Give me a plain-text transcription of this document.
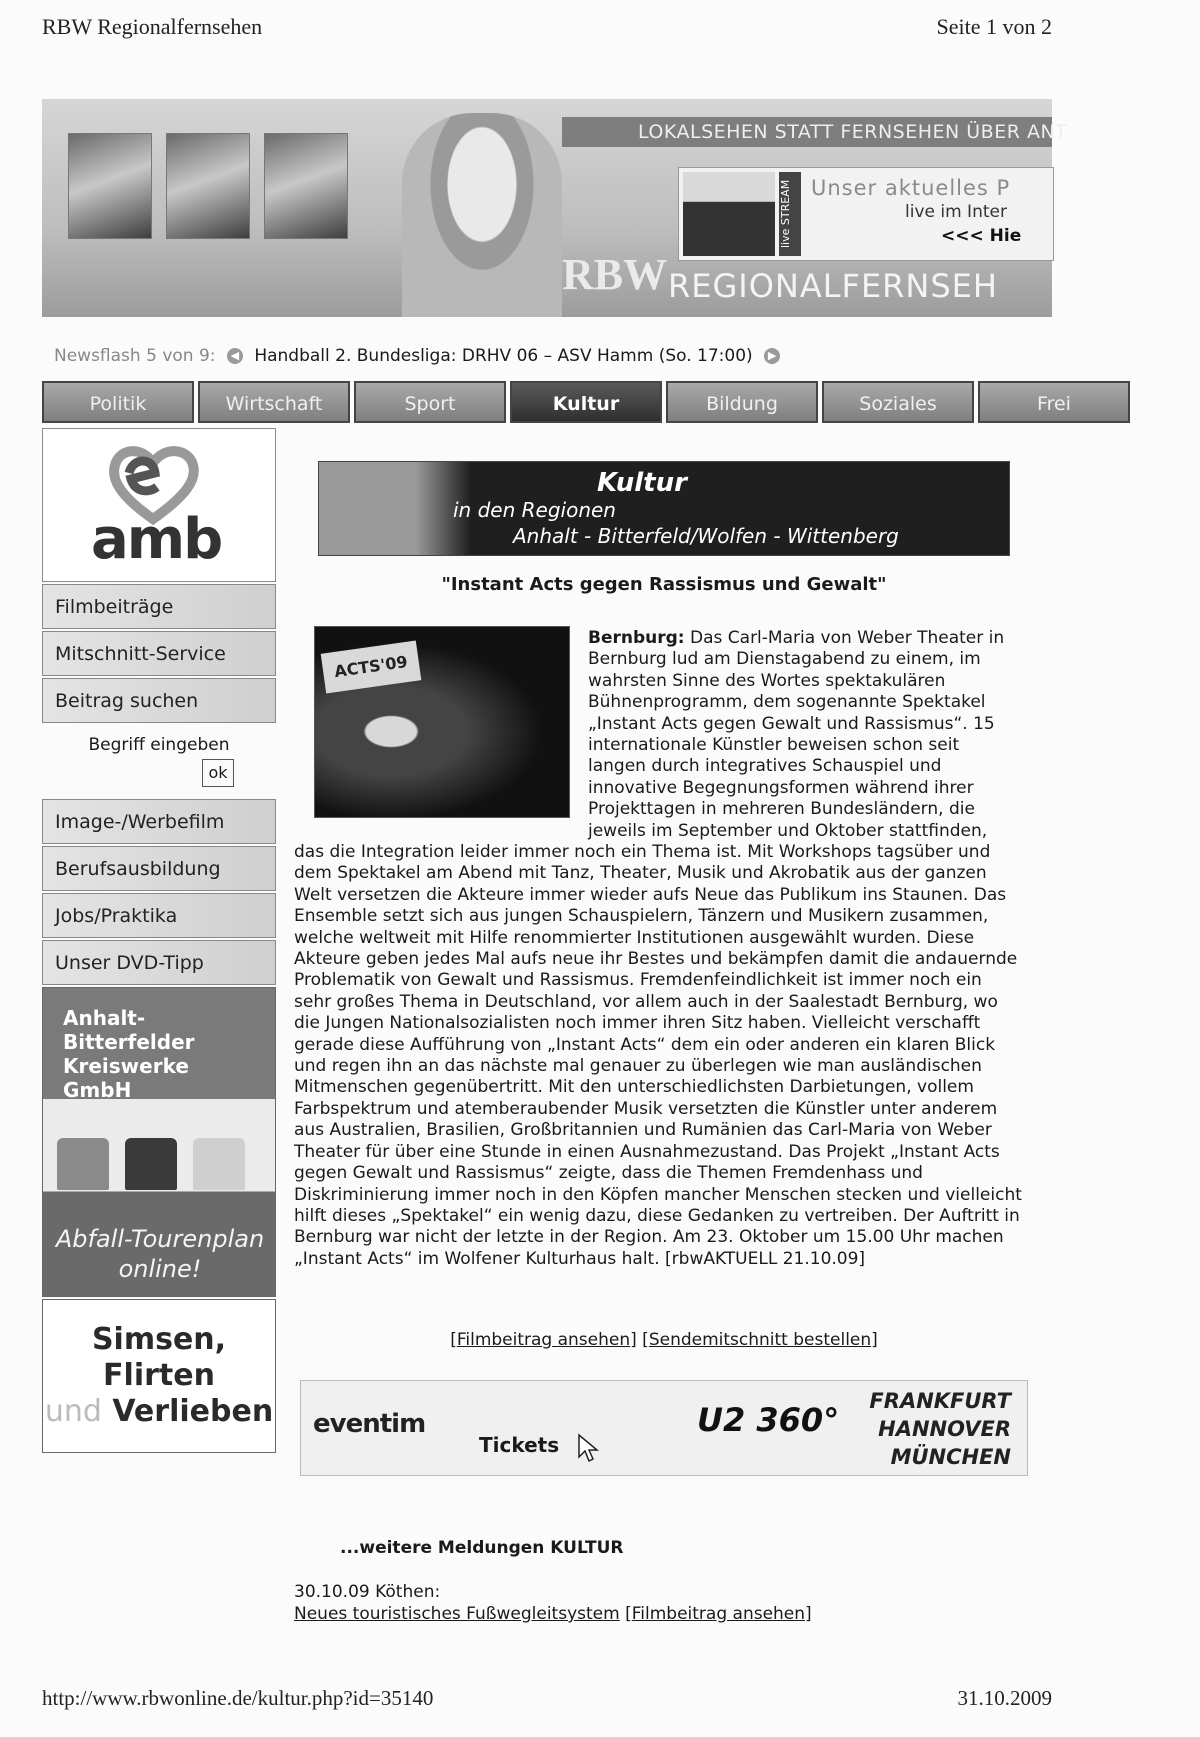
RBW Regionalfernsehen	Seite 1 von 2
http://www.rbwonline.de/kultur.php?id=35140	31.10.2009
LOKALSEHEN STATT FERNSEHEN ÜBER ANT
live STREAM Unser aktuelles P
live im Inter
<<< Hie
RBW REGIONALFERNSEH
Newsflash 5 von 9: ◀ Handball 2. Bundesliga: DRHV 06 – ASV Hamm (So. 17:00) ▶
Politik	Wirtschaft	Sport	Kultur	Bildung	Soziales	Frei
amb
Filmbeiträge
Mitschnitt-Service
Beitrag suchen
Begriff eingeben
ok
Image-/Werbefilm
Berufsausbildung
Jobs/Praktika
Unser DVD-Tipp
Anhalt-Bitterfelder Kreiswerke GmbH
Abfall-Tourenplan online!
Simsen,
Flirten
und Verlieben
Kultur
in den Regionen
Anhalt - Bitterfeld/Wolfen - Wittenberg
"Instant Acts gegen Rassismus und Gewalt"
ACTS'09
Bernburg: Das Carl-Maria von Weber Theater in Bernburg lud am Dienstagabend zu einem, im wahrsten Sinne des Wortes spektakulären Bühnenprogramm, dem sogenannte Spektakel „Instant Acts gegen Gewalt und Rassismus“. 15 internationale Künstler beweisen schon seit langen durch integratives Schauspiel und innovative Begegnungsformen während ihrer Projekttagen in mehreren Bundesländern, die jeweils im September und Oktober stattfinden,
das die Integration leider immer noch ein Thema ist. Mit Workshops tagsüber und dem Spektakel am Abend mit Tanz, Theater, Musik und Akrobatik aus der ganzen Welt versetzen die Akteure immer wieder aufs Neue das Publikum ins Staunen. Das Ensemble setzt sich aus jungen Schauspielern, Tänzern und Musikern zusammen, welche weltweit mit Hilfe renommierter Institutionen ausgewählt wurden. Diese Akteure geben jedes Mal aufs neue ihr Bestes und bekämpfen damit die andauernde Problematik von Gewalt und Rassismus. Fremdenfeindlichkeit ist immer noch ein sehr großes Thema in Deutschland, vor allem auch in der Saalestadt Bernburg, wo die Jungen Nationalsozialisten noch immer ihren Sitz haben. Vielleicht verschafft gerade diese Aufführung von „Instant Acts“ dem ein oder anderen ein klaren Blick und regen ihn an das nächste mal genauer zu überlegen wie man ausländischen Mitmenschen gegenübertritt. Mit den unterschiedlichsten Darbietungen, vollem Farbspektrum und atemberaubender Musik versetzten die Künstler unter anderem aus Australien, Brasilien, Großbritannien und Rumänien das Carl-Maria von Weber Theater für über eine Stunde in einen Ausnahmezustand. Das Projekt „Instant Acts gegen Gewalt und Rassismus“ zeigte, dass die Themen Fremdenhass und Diskriminierung immer noch in den Köpfen mancher Menschen stecken und vielleicht hilft dieses „Spektakel“ ein wenig dazu, diese Gedanken zu vertreiben. Der Auftritt in Bernburg war nicht der letzte in der Region. Am 23. Oktober um 15.00 Uhr machen „Instant Acts“ im Wolfener Kulturhaus halt. [rbwAKTUELL 21.10.09]
[Filmbeitrag ansehen] [Sendemitschnitt bestellen]
eventim
Tickets
U2 360° FRANKFURT
HANNOVER
MÜNCHEN
...weitere Meldungen KULTUR
30.10.09 Köthen:
Neues touristisches Fußwegleitsystem [Filmbeitrag ansehen]
